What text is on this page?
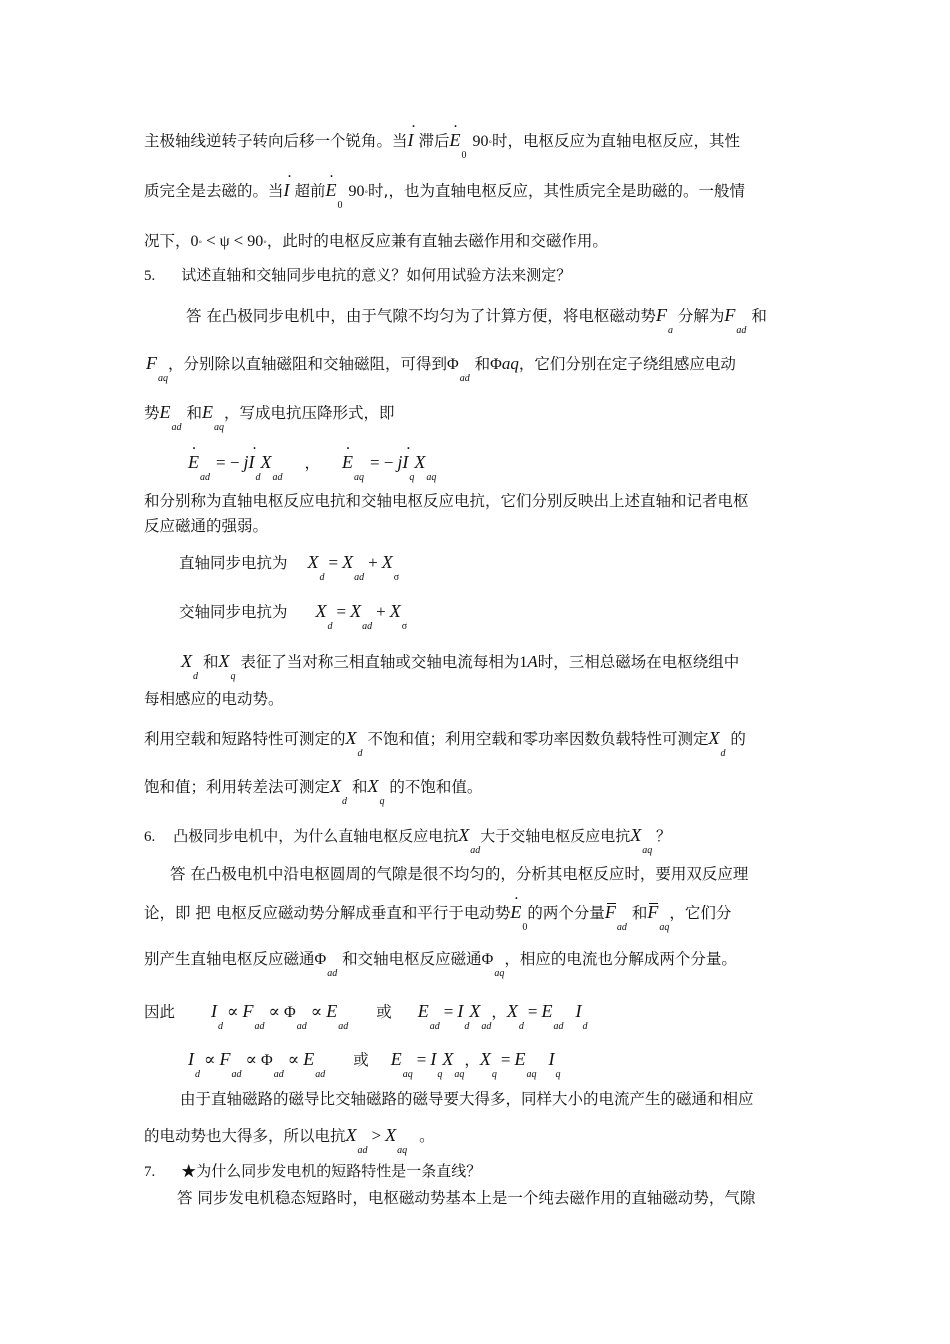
主极轴线逆转子转向后移一个锐角。当˙ I 滞后˙ $E_090◦$时，电枢反应为直轴电枢反应，其性
质完全是去磁的。当˙ I 超前˙ $E_090◦$时,，也为直轴电枢反应，其性质完全是助磁的。一般情
况下，0◦ < ψ < 90◦，此时的电枢反应兼有直轴去磁作用和交磁作用。
5. 试述直轴和交轴同步电抗的意义？如何用试验方法来测定？
答 在凸极同步电机中，由于气隙不均匀为了计算方便，将电枢磁动势$F_a$ 分解为$F_{ad}$ 和
$F_{aq}$，分别除以直轴磁阻和交轴磁阻，可得到$\Phi_{ad}$ 和Φaq，它们分别在定子绕组感应电动
势$E_{ad}$ 和$E_{aq}$，写成电抗压降形式，即
˙ $E_{ad}=$ − j˙ $I_dX_{ad}$，˙ $E_{aq}=$ − j˙ $I_qX_{aq}$
和分别称为直轴电枢反应电抗和交轴电枢反应电抗，它们分别反映出上述直轴和记者电枢
反应磁通的强弱。
直轴同步电抗为 $X_d= X_{ad}+ X_\sigma$
交轴同步电抗为 $X_d= X_{ad}+ X_\sigma$
$X_d$ 和$X_q$ 表征了当对称三相直轴或交轴电流每相为1A时，三相总磁场在电枢绕组中
每相感应的电动势。
利用空载和短路特性可测定的$X_d$ 不饱和值；利用空载和零功率因数负载特性可测定$X_d$ 的
饱和值；利用转差法可测定$X_d$ 和$X_q$ 的不饱和值。
6. 凸极同步电机中，为什么直轴电枢反应电抗$X_{ad}$大于交轴电枢反应电抗$X_{aq}$ ？
答 在凸极电机中沿电枢圆周的气隙是很不均匀的，分析其电枢反应时，要用双反应理
论，即 把 电枢反应磁动势分解成垂直和平行于电动势˙ $E_0$的两个分量$F_{ad}$ 和$F_{aq}$，它们分
别产生直轴电枢反应磁通$\Phi_{ad}$ 和交轴电枢反应磁通$\Phi_{aq}$，相应的电流也分解成两个分量。
因此 $I_d\propto F_{ad}\propto \Phi_{ad}\propto E_{ad}$或 $E_{ad}= I_dX_{ad}$，$X_d= E_{ad}I_d$
$I_d\propto F_{ad}\propto \Phi_{ad}\propto E_{ad}$或 $E_{aq}= I_qX_{aq}$，$X_q= E_{aq}I_q$
由于直轴磁路的磁导比交轴磁路的磁导要大得多，同样大小的电流产生的磁通和相应
的电动势也大得多，所以电抗$X_{ad}> X_{aq}$。
7. ★为什么同步发电机的短路特性是一条直线？
答 同步发电机稳态短路时，电枢磁动势基本上是一个纯去磁作用的直轴磁动势，气隙
